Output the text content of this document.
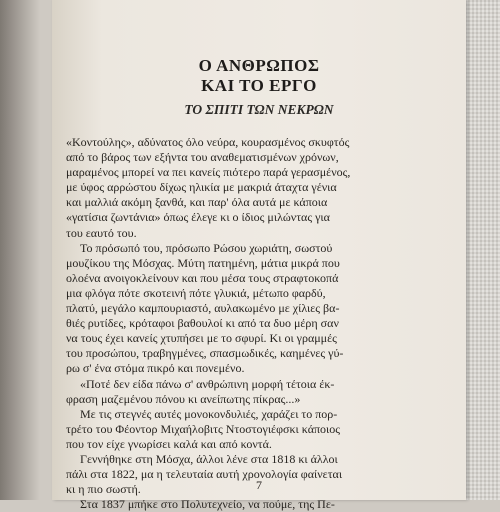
Ο ΑΝΘΡΩΠΟΣ
ΚΑΙ ΤΟ ΕΡΓΟ
ΤΟ ΣΠΙΤΙ ΤΩΝ ΝΕΚΡΩΝ
«Κοντούλης», αδύνατος όλο νεύρα, κουρασμένος σκυφτός
από το βάρος των εξήντα του αναθεματισμένων χρόνων,
μαραμένος μπορεί να πει κανείς πιότερο παρά γερασμένος,
με ύφος αρρώστου δίχως ηλικία με μακριά άταχτα γένια
και μαλλιά ακόμη ξανθά, και παρ' όλα αυτά με κάποια
«γατίσια ζωντάνια» όπως έλεγε κι ο ίδιος μιλώντας για
του εαυτό του.
Το πρόσωπό του, πρόσωπο Ρώσου χωριάτη, σωστού
μουζίκου της Μόσχας. Μύτη πατημένη, μάτια μικρά που
ολοένα ανοιγοκλείνουν και που μέσα τους στραφτοκοπά
μια φλόγα πότε σκοτεινή πότε γλυκιά, μέτωπο φαρδύ,
πλατύ, μεγάλο καμπουριαστό, αυλακωμένο με χίλιες βα-
θιές ρυτίδες, κρόταφοι βαθουλοί κι από τα δυο μέρη σαν
να τους έχει κανείς χτυπήσει με το σφυρί. Κι οι γραμμές
του προσώπου, τραβηγμένες, σπασμωδικές, καημένες γύ-
ρω σ' ένα στόμα πικρό και πονεμένο.
«Ποτέ δεν είδα πάνω σ' ανθρώπινη μορφή τέτοια έκ-
φραση μαζεμένου πόνου κι ανείπωτης πίκρας...»
Με τις στεγνές αυτές μονοκονδυλιές, χαράζει το πορ-
τρέτο του Φέοντορ Μιχαήλοβιτς Ντοστογιέφσκι κάποιος
που τον είχε γνωρίσει καλά και από κοντά.
Γεννήθηκε στη Μόσχα, άλλοι λένε στα 1818 κι άλλοι
πάλι στα 1822, μα η τελευταία αυτή χρονολογία φαίνεται
κι η πιο σωστή.
Στα 1837 μπήκε στο Πολυτεχνείο, να πούμε, της Πε-
7
